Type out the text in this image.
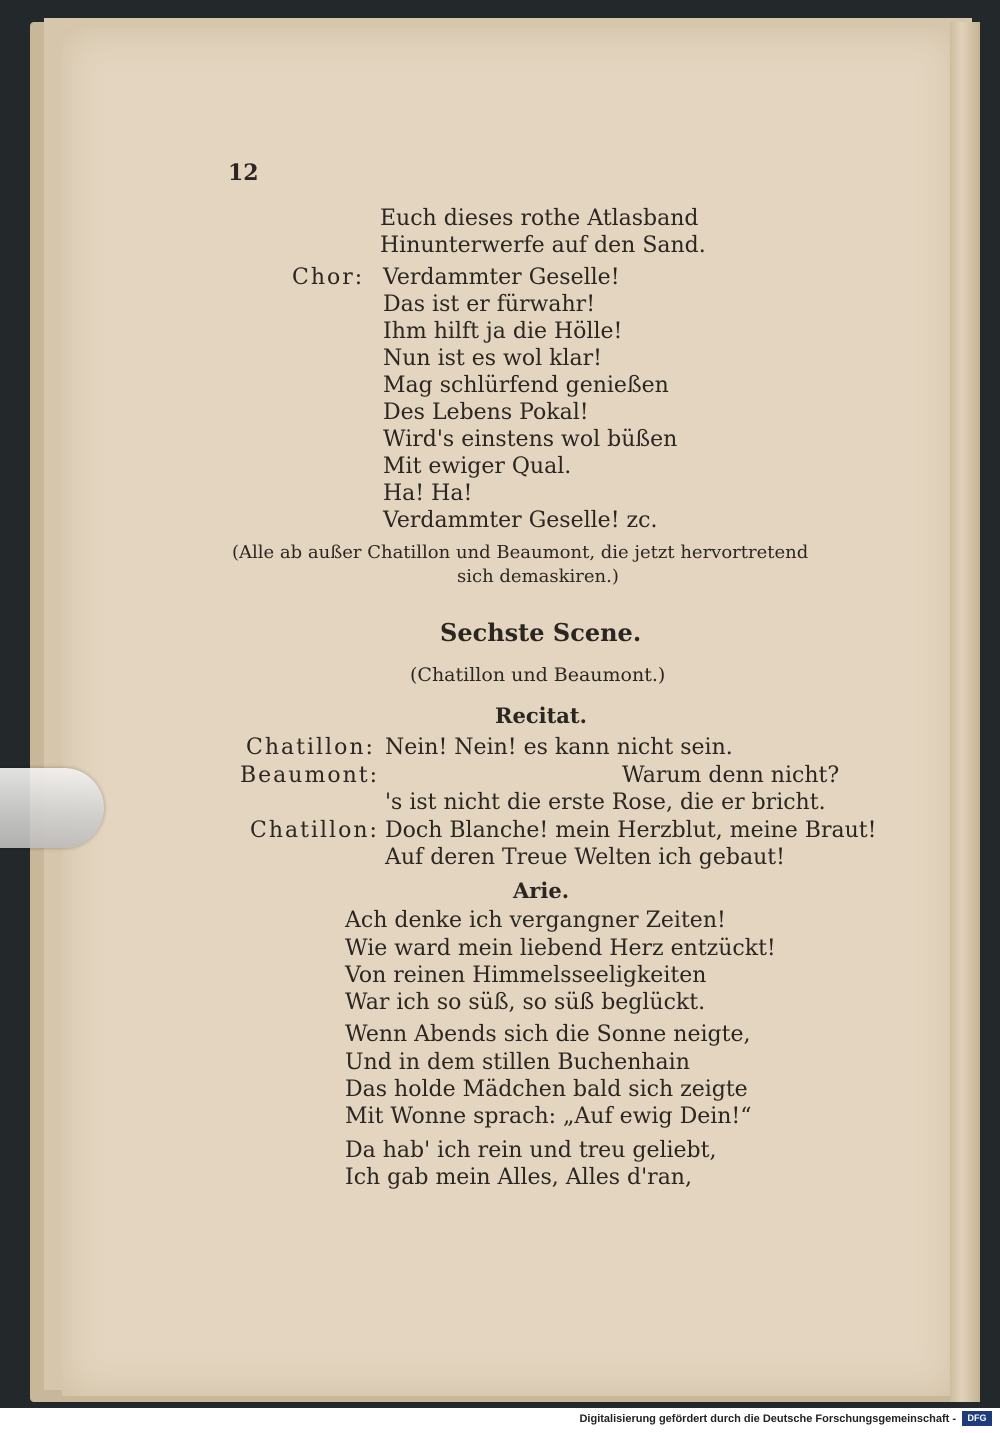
12
Euch dieses rothe Atlasband
Hinunterwerfe auf den Sand.
Chor: Verdammter Geselle!
Das ist er fürwahr!
Ihm hilft ja die Hölle!
Nun ist es wol klar!
Mag schlürfend genießen
Des Lebens Pokal!
Wird's einstens wol büßen
Mit ewiger Qual.
Ha! Ha!
Verdammter Geselle! zc.
(Alle ab außer Chatillon und Beaumont, die jetzt hervortretend
sich demaskiren.)
Sechste Scene.
(Chatillon und Beaumont.)
Recitat.
Chatillon: Nein! Nein! es kann nicht sein.
Beaumont:	Warum denn nicht?
's ist nicht die erste Rose, die er bricht.
Chatillon: Doch Blanche! mein Herzblut, meine Braut!
Auf deren Treue Welten ich gebaut!
Arie.
Ach denke ich vergangner Zeiten!
Wie ward mein liebend Herz entzückt!
Von reinen Himmelsseeligkeiten
War ich so süß, so süß beglückt.
Wenn Abends sich die Sonne neigte,
Und in dem stillen Buchenhain
Das holde Mädchen bald sich zeigte
Mit Wonne sprach: „Auf ewig Dein!“
Da hab' ich rein und treu geliebt,
Ich gab mein Alles, Alles d'ran,
Digitalisierung gefördert durch die Deutsche Forschungsgemeinschaft -	DFG
